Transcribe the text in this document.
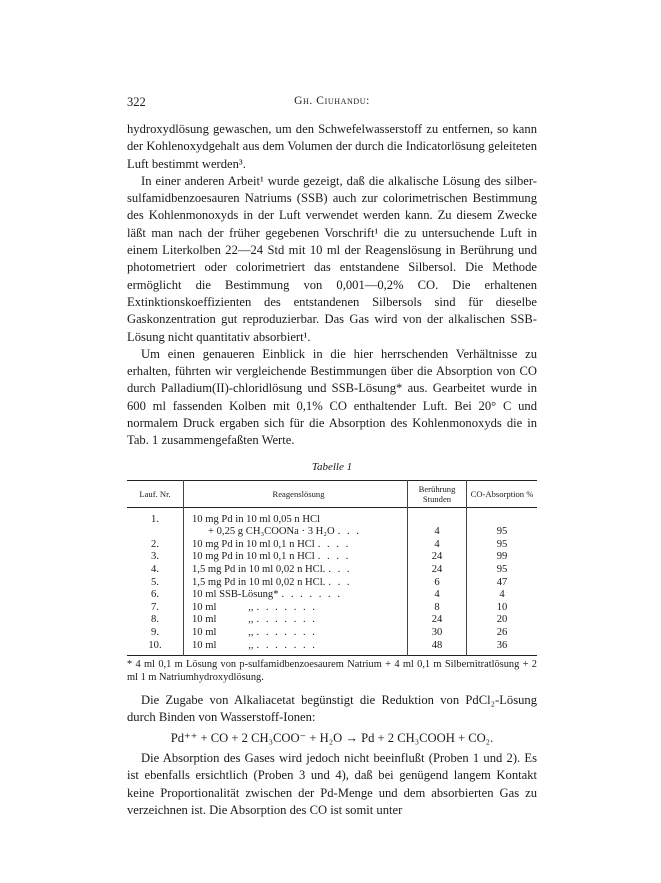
322	Gh. Ciuhandu:

hydroxydlösung gewaschen, um den Schwefelwasserstoff zu entfernen, so kann der Kohlenoxydgehalt aus dem Volumen der durch die Indicatorlösung geleiteten Luft bestimmt werden³.

In einer anderen Arbeit¹ wurde gezeigt, daß die alkalische Lösung des silber-sulfamidbenzoesauren Natriums (SSB) auch zur colorimetrischen Bestimmung des Kohlenmonoxyds in der Luft verwendet werden kann. Zu diesem Zwecke läßt man nach der früher gegebenen Vorschrift¹ die zu untersuchende Luft in einem Literkolben 22—24 Std mit 10 ml der Reagenslösung in Berührung und photometriert oder colorimetriert das entstandene Silbersol. Die Methode ermöglicht die Bestimmung von 0,001—0,2% CO. Die erhaltenen Extinktionskoeffizienten des entstandenen Silbersols sind für dieselbe Gaskonzentration gut reproduzierbar. Das Gas wird von der alkalischen SSB-Lösung nicht quantitativ absorbiert¹.

Um einen genaueren Einblick in die hier herrschenden Verhältnisse zu erhalten, führten wir vergleichende Bestimmungen über die Absorption von CO durch Palladium(II)-chloridlösung und SSB-Lösung* aus. Gearbeitet wurde in 600 ml fassenden Kolben mit 0,1% CO enthaltender Luft. Bei 20° C und normalem Druck ergaben sich für die Absorption des Kohlenmonoxyds die in Tab. 1 zusammengefaßten Werte.

Tabelle 1
Lauf. Nr.	Reagenslösung	Berührung Stunden	CO-Absorption %
1.	10 mg Pd in 10 ml 0,05 n HCl		

	+ 0,25 g CH₃COONa · 3 H₂O . . .	4	95
2.	10 mg Pd in 10 ml 0,1 n HCl . . . .	4	95
3.	10 mg Pd in 10 ml 0,1 n HCl . . . .	24	99
4.	1,5 mg Pd in 10 ml 0,02 n HCl. . . .	24	95
5.	1,5 mg Pd in 10 ml 0,02 n HCl. . . .	6	47
6.	10 ml SSB-Lösung* . . . . . . .	4	4
7.	10 ml            ,, . . . . . . .	8	10
8.	10 ml            ,, . . . . . . .	24	20
9.	10 ml            ,, . . . . . . .	30	26
10.	10 ml            ,, . . . . . . .	48	36
* 4 ml 0,1 m Lösung von p-sulfamidbenzoesaurem Natrium + 4 ml 0,1 m Silbernitratlösung + 2 ml 1 m Natriumhydroxydlösung.

Die Zugabe von Alkaliacetat begünstigt die Reduktion von PdCl₂-Lösung durch Binden von Wasserstoff-Ionen:

Pd⁺⁺ + CO + 2 CH₃COO⁻ + H₂O → Pd + 2 CH₃COOH + CO₂.

Die Absorption des Gases wird jedoch nicht beeinflußt (Proben 1 und 2). Es ist ebenfalls ersichtlich (Proben 3 und 4), daß bei genügend langem Kontakt keine Proportionalität zwischen der Pd-Menge und dem absorbierten Gas zu verzeichnen ist. Die Absorption des CO ist somit unter
